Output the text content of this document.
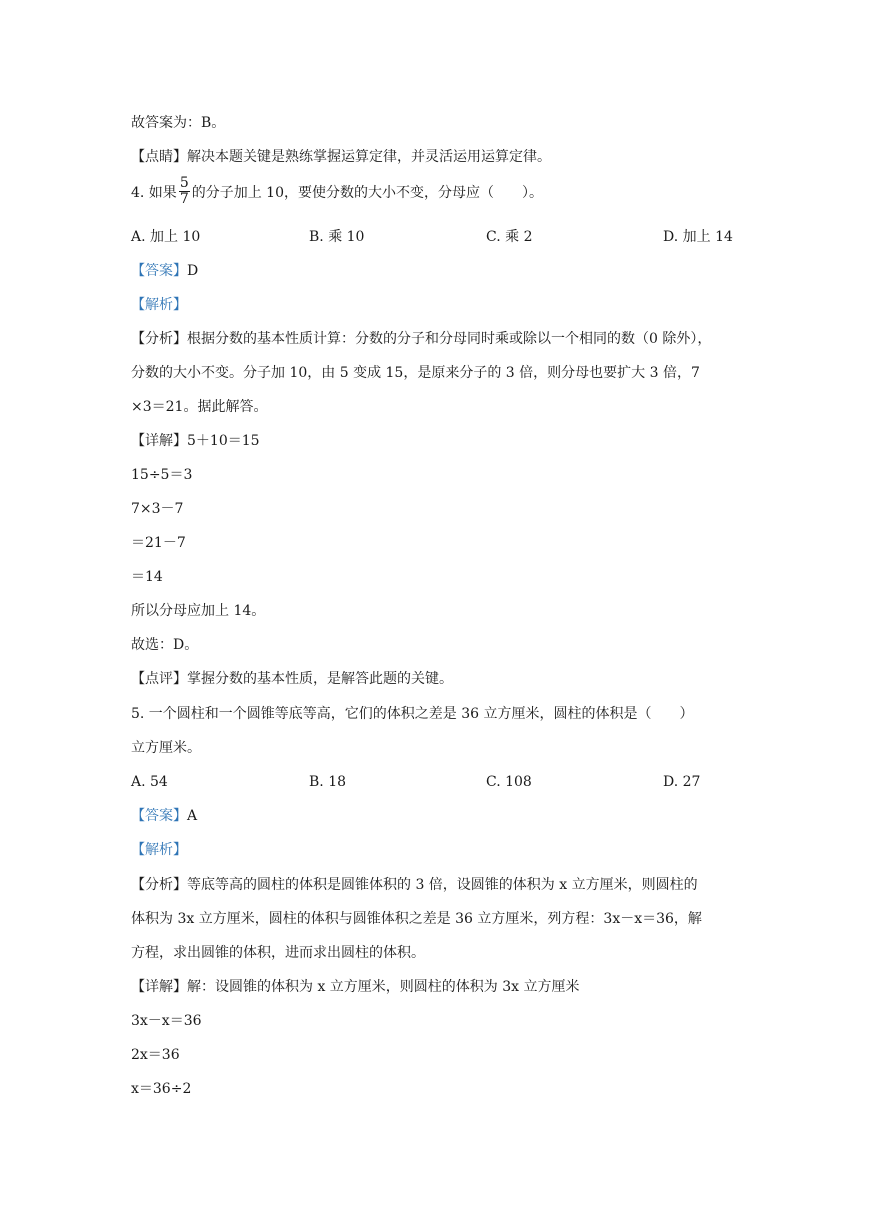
故答案为：B。
【点睛】解决本题关键是熟练掌握运算定律，并灵活运用运算定律。
4. 如果 $\frac{5}{7}$ 的分子加上 10，要使分数的大小不变，分母应（　　）。
A. 加上 10	B. 乘 10	C. 乘 2	D. 加上 14
【答案】D
【解析】
【分析】根据分数的基本性质计算：分数的分子和分母同时乘或除以一个相同的数（0 除外），
分数的大小不变。分子加 10，由 5 变成 15，是原来分子的 3 倍，则分母也要扩大 3 倍，7
×3＝21。据此解答。
【详解】5＋10＝15
15÷5＝3
7×3－7
＝21－7
＝14
所以分母应加上 14。
故选：D。
【点评】掌握分数的基本性质，是解答此题的关键。
5. 一个圆柱和一个圆锥等底等高，它们的体积之差是 36 立方厘米，圆柱的体积是（　　）
立方厘米。
A. 54	B. 18	C. 108	D. 27
【答案】A
【解析】
【分析】等底等高的圆柱的体积是圆锥体积的 3 倍，设圆锥的体积为 x 立方厘米，则圆柱的
体积为 3x 立方厘米，圆柱的体积与圆锥体积之差是 36 立方厘米，列方程：3x－x＝36，解
方程，求出圆锥的体积，进而求出圆柱的体积。
【详解】解：设圆锥的体积为 x 立方厘米，则圆柱的体积为 3x 立方厘米
3x－x＝36
2x＝36
x＝36÷2
